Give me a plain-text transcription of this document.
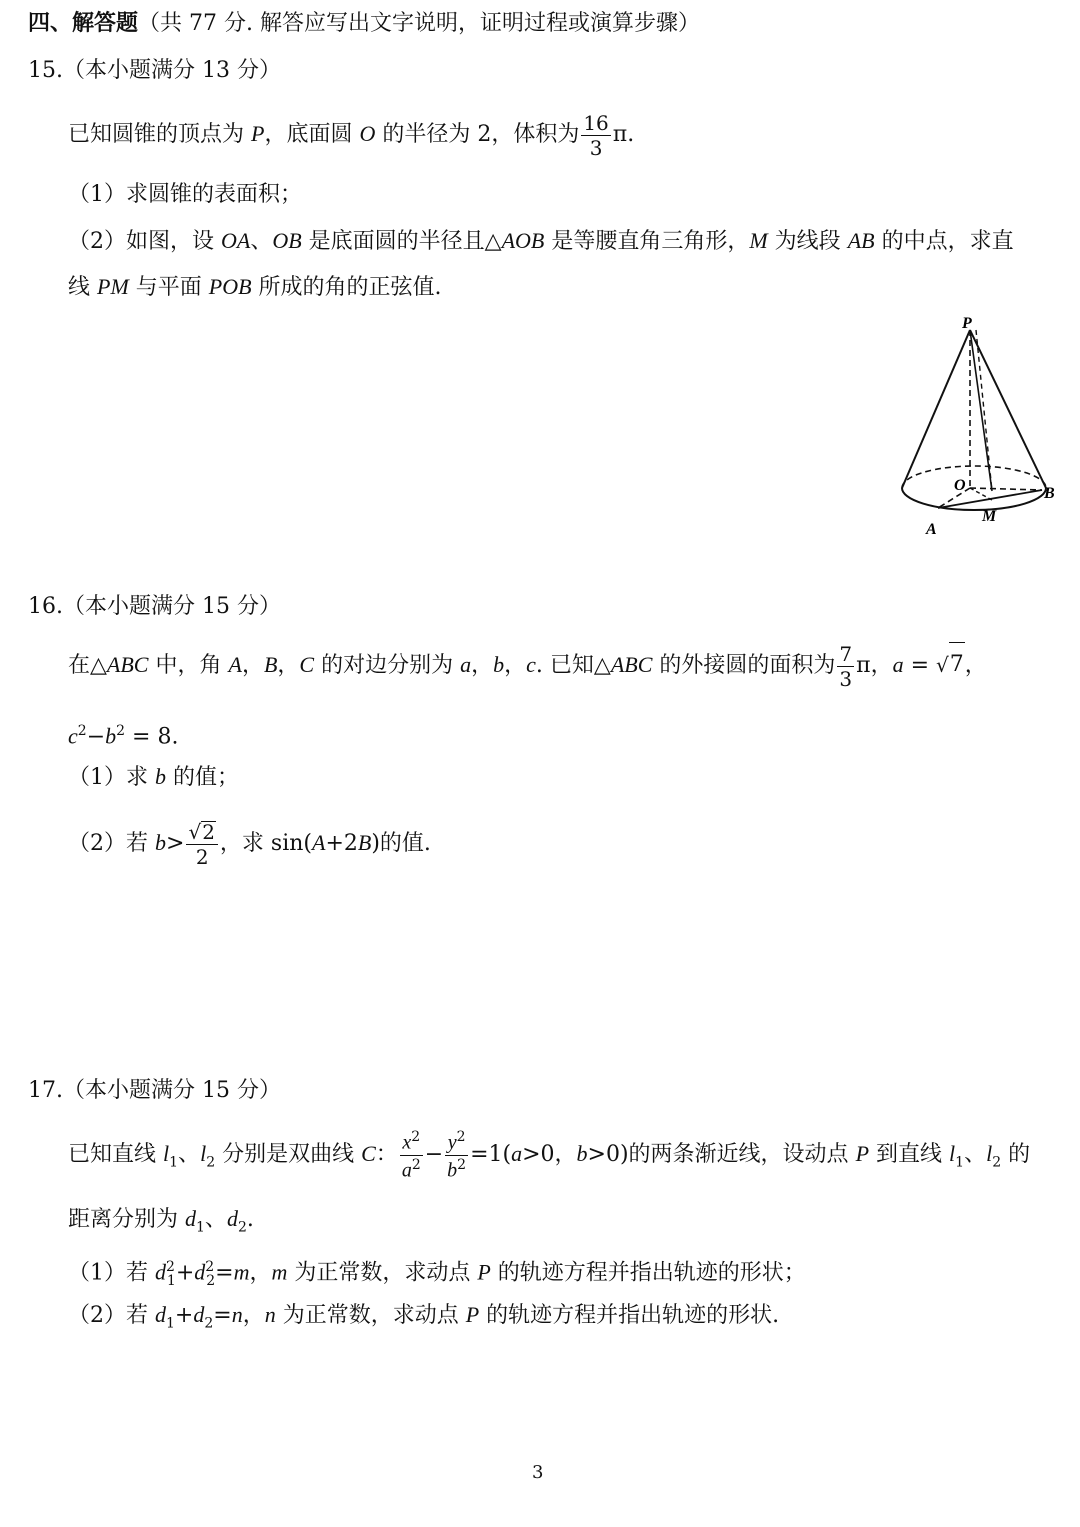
四、解答题（共 77 分. 解答应写出文字说明，证明过程或演算步骤）
15.（本小题满分 13 分）
已知圆锥的顶点为 P，底面圆 O 的半径为 2，体积为 $\frac{16}{3} \pi$.
（1）求圆锥的表面积；
（2）如图，设 OA、OB 是底面圆的半径且△AOB 是等腰直角三角形，M 为线段 AB 的中点，求直
线 PM 与平面 POB 所成的角的正弦值.
P
O	B
A
M
16.（本小题满分 15 分）
在△ABC 中，角 A，B，C 的对边分别为 a，b，c. 已知△ABC 的外接圆的面积为 $\frac{7}{3}$ π，a = √ 7 ，
$c^2-b^2 = 8$.
（1）求 b 的值；
（2）若 $b> \frac{√ 2}{2}$ ，求 sin(A+2B)的值.
17.（本小题满分 15 分）
已知直线 $l_1$、$l_2$ 分别是双曲线 C： $\frac{x^2}{a^2} - \frac{y^2}{b^2} =1(a>0$，b>0)的两条渐近线，设动点 P 到直线 $l_1$、$l_2$ 的
距离分别为 $d_1$、$d_2$.
（1）若 $d^2_1+d^2_2=m$，m 为正常数，求动点 P 的轨迹方程并指出轨迹的形状；
（2）若 $d_1+d_2=n$，n 为正常数，求动点 P 的轨迹方程并指出轨迹的形状.
3
